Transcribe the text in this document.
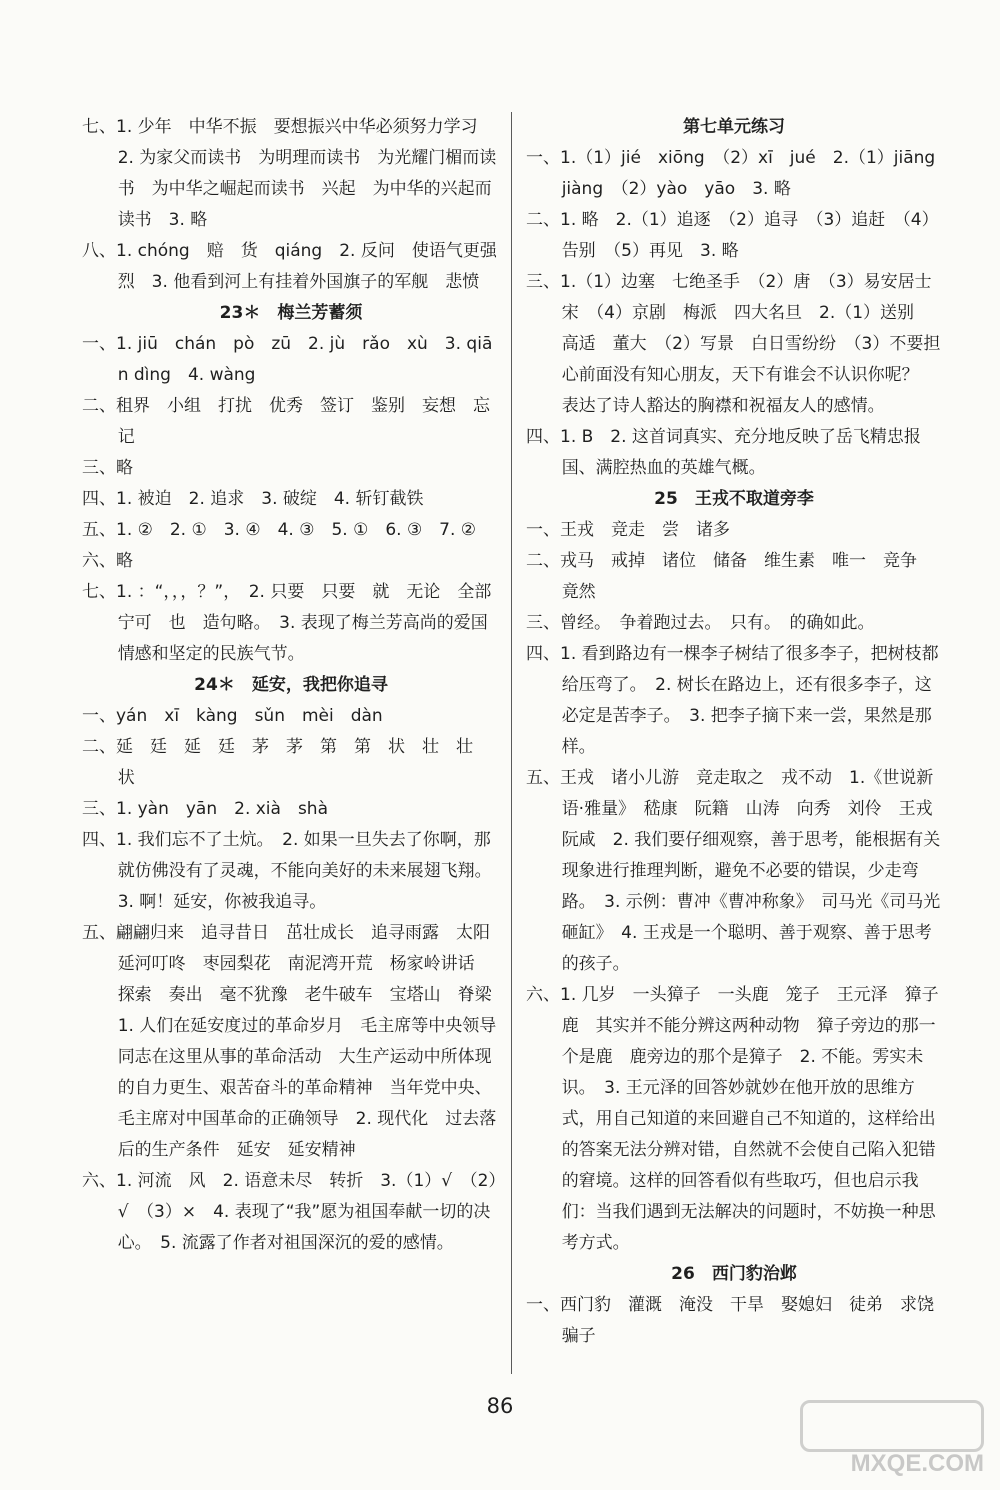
七、1. 少年　中华不振　要想振兴中华必须努力学习　2. 为家父而读书　为明理而读书　为光耀门楣而读书　为中华之崛起而读书　兴起　为中华的兴起而读书　3. 略
八、1. chóng　赔　货　qiáng　2. 反问　使语气更强烈　3. 他看到河上有挂着外国旗子的军舰　悲愤
23＊　梅兰芳蓄须
一、1. jiū　chán　pò　zū　2. jù　rǎo　xù　3. qiān dìng　4. wàng
二、租界　小组　打扰　优秀　签订　鉴别　妄想　忘记
三、略
四、1. 被迫　2. 追求　3. 破绽　4. 斩钉截铁
五、1. ②　2. ①　3. ④　4. ③　5. ①　6. ③　7. ②
六、略
七、1. ：“，，，？”，　2. 只要　只要　就　无论　全部　宁可　也　造句略。　3. 表现了梅兰芳高尚的爱国情感和坚定的民族气节。
24＊　延安，我把你追寻
一、yán　xī　kàng　sǔn　mèi　dàn
二、延　廷　延　廷　茅　茅　第　第　状　壮　壮　状
三、1. yàn　yān　2. xià　shà
四、1. 我们忘不了土炕。　2. 如果一旦失去了你啊，那就仿佛没有了灵魂，不能向美好的未来展翅飞翔。　3. 啊！延安，你被我追寻。
五、翩翩归来　追寻昔日　茁壮成长　追寻雨露　太阳　延河叮咚　枣园梨花　南泥湾开荒　杨家岭讲话　探索　奏出　毫不犹豫　老牛破车　宝塔山　脊梁　1. 人们在延安度过的革命岁月　毛主席等中央领导同志在这里从事的革命活动　大生产运动中所体现的自力更生、艰苦奋斗的革命精神　当年党中央、毛主席对中国革命的正确领导　2. 现代化　过去落后的生产条件　延安　延安精神
六、1. 河流　风　2. 语意未尽　转折　3.（1）√　（2）√　（3）×　4. 表现了“我”愿为祖国奉献一切的决心。　5. 流露了作者对祖国深沉的爱的感情。
第七单元练习
一、1.（1）jié　xiōng　（2）xī　jué　2.（1）jiāng　jiàng　（2）yào　yāo　3. 略
二、1. 略　2.（1）追逐　（2）追寻　（3）追赶　（4）告别　（5）再见　3. 略
三、1.（1）边塞　七绝圣手　（2）唐　（3）易安居士　宋　（4）京剧　梅派　四大名旦　2.（1）送别　高适　董大　（2）写景　白日雪纷纷　（3）不要担心前面没有知心朋友，天下有谁会不认识你呢？　表达了诗人豁达的胸襟和祝福友人的感情。
四、1. B　2. 这首词真实、充分地反映了岳飞精忠报国、满腔热血的英雄气概。
25　王戎不取道旁李
一、王戎　竞走　尝　诸多
二、戎马　戒掉　诸位　储备　维生素　唯一　竞争　竟然
三、曾经。　争着跑过去。　只有。　的确如此。
四、1. 看到路边有一棵李子树结了很多李子，把树枝都给压弯了。　2. 树长在路边上，还有很多李子，这必定是苦李子。　3. 把李子摘下来一尝，果然是那样。
五、王戎　诸小儿游　竞走取之　戎不动　1.《世说新语·雅量》　嵇康　阮籍　山涛　向秀　刘伶　王戎　阮咸　2. 我们要仔细观察，善于思考，能根据有关现象进行推理判断，避免不必要的错误，少走弯路。　3. 示例：曹冲《曹冲称象》　司马光《司马光砸缸》　4. 王戎是一个聪明、善于观察、善于思考的孩子。
六、1. 几岁　一头獐子　一头鹿　笼子　王元泽　獐子　鹿　其实并不能分辨这两种动物　獐子旁边的那一个是鹿　鹿旁边的那个是獐子　2. 不能。雱实未识。　3. 王元泽的回答妙就妙在他开放的思维方式，用自己知道的来回避自己不知道的，这样给出的答案无法分辨对错，自然就不会使自己陷入犯错的窘境。这样的回答看似有些取巧，但也启示我们：当我们遇到无法解决的问题时，不妨换一种思考方式。
26　西门豹治邺
一、西门豹　灌溉　淹没　干旱　娶媳妇　徒弟　求饶　骗子
86
MXQE.COM
